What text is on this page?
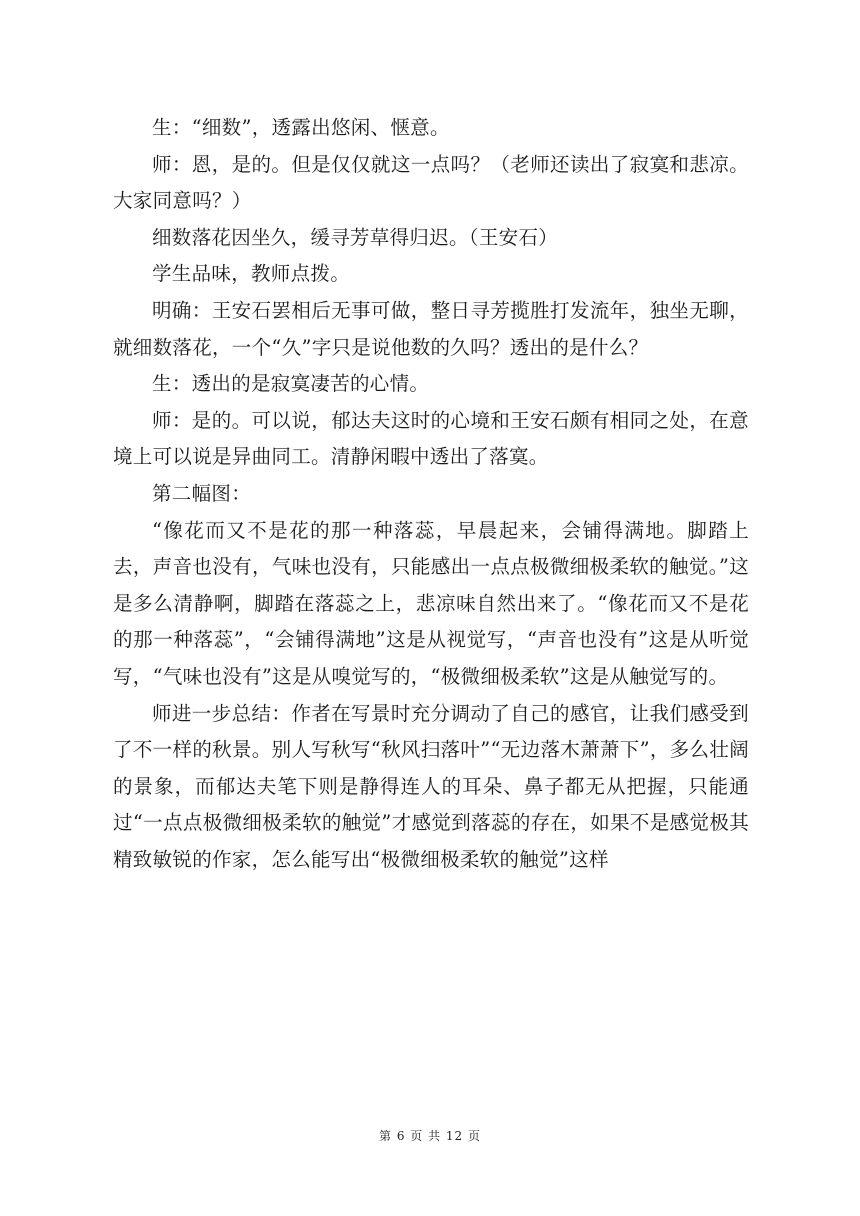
生：“细数”，透露出悠闲、惬意。

师：恩，是的。但是仅仅就这一点吗？（老师还读出了寂寞和悲凉。大家同意吗？）

细数落花因坐久，缓寻芳草得归迟。（王安石）

学生品味，教师点拨。

明确：王安石罢相后无事可做，整日寻芳揽胜打发流年，独坐无聊，就细数落花，一个“久”字只是说他数的久吗？透出的是什么？

生：透出的是寂寞凄苦的心情。

师：是的。可以说，郁达夫这时的心境和王安石颇有相同之处，在意境上可以说是异曲同工。清静闲暇中透出了落寞。

第二幅图：

“像花而又不是花的那一种落蕊，早晨起来，会铺得满地。脚踏上去，声音也没有，气味也没有，只能感出一点点极微细极柔软的触觉。”这是多么清静啊，脚踏在落蕊之上，悲凉味自然出来了。“像花而又不是花的那一种落蕊”，“会铺得满地”这是从视觉写，“声音也没有”这是从听觉写，“气味也没有”这是从嗅觉写的，“极微细极柔软”这是从触觉写的。

师进一步总结：作者在写景时充分调动了自己的感官，让我们感受到了不一样的秋景。别人写秋写“秋风扫落叶”“无边落木萧萧下”，多么壮阔的景象，而郁达夫笔下则是静得连人的耳朵、鼻子都无从把握，只能通过“一点点极微细极柔软的触觉”才感觉到落蕊的存在，如果不是感觉极其精致敏锐的作家，怎么能写出“极微细极柔软的触觉”这样

第 6 页 共 12 页
